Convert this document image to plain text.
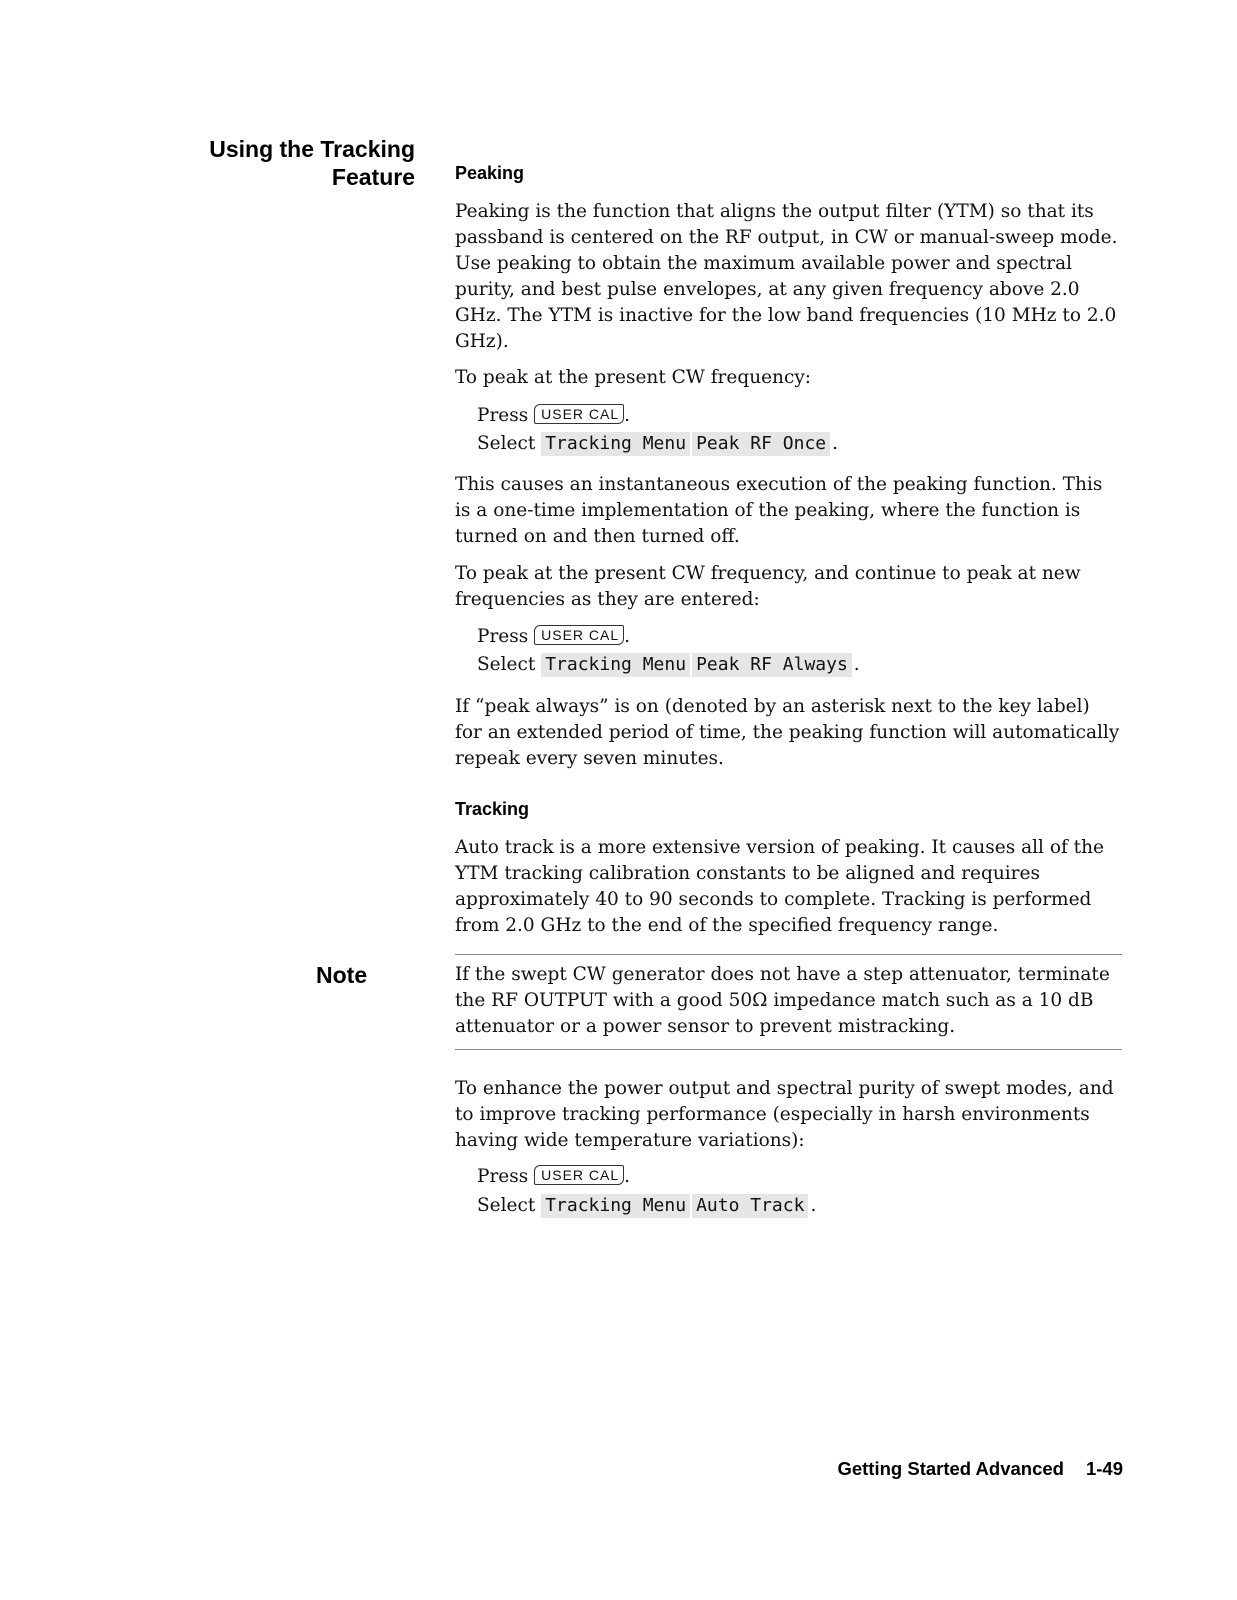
Using the Tracking
Feature Peaking
Peaking is the function that aligns the output filter (YTM) so that its passband is centered on the RF output, in CW or manual-sweep mode. Use peaking to obtain the maximum available power and spectral purity, and best pulse envelopes, at any given frequency above 2.0 GHz. The YTM is inactive for the low band frequencies (10 MHz to 2.0 GHz).
To peak at the present CW frequency:
Press USER CAL .
Select Tracking Menu Peak RF Once .
This causes an instantaneous execution of the peaking function. This is a one-time implementation of the peaking, where the function is turned on and then turned off.
To peak at the present CW frequency, and continue to peak at new frequencies as they are entered:
Press USER CAL .
Select Tracking Menu Peak RF Always .
If “peak always” is on (denoted by an asterisk next to the key label) for an extended period of time, the peaking function will automatically repeak every seven minutes.
Tracking
Auto track is a more extensive version of peaking. It causes all of the YTM tracking calibration constants to be aligned and requires approximately 40 to 90 seconds to complete. Tracking is performed from 2.0 GHz to the end of the specified frequency range.
Note	If the swept CW generator does not have a step attenuator, terminate the RF OUTPUT with a good 50Ω impedance match such as a 10 dB attenuator or a power sensor to prevent mistracking.
To enhance the power output and spectral purity of swept modes, and to improve tracking performance (especially in harsh environments having wide temperature variations):
Press USER CAL .
Select Tracking Menu Auto Track .
Getting Started Advanced 1-49
